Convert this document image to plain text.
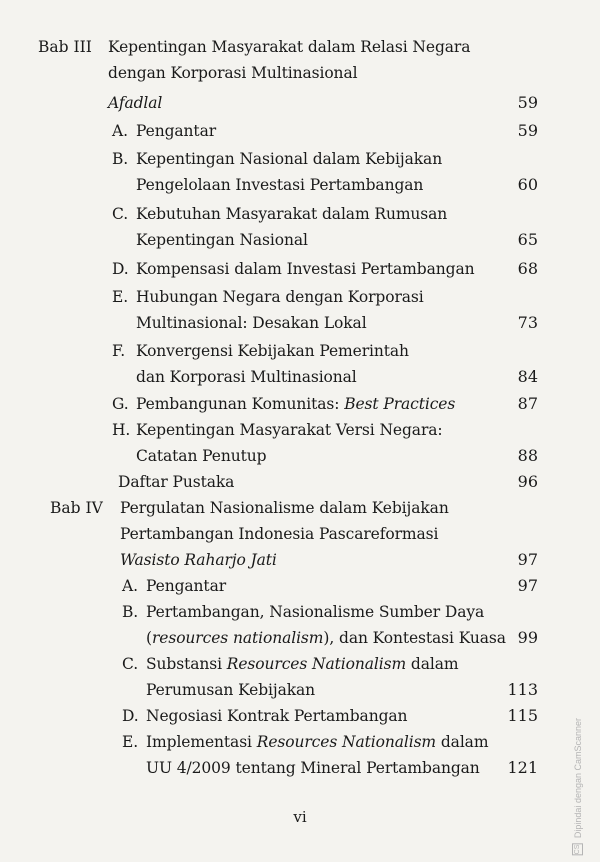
Bab III Kepentingan Masyarakat dalam Relasi Negara
dengan Korporasi Multinasional
Afadlal	59
A. Pengantar	59
B. Kepentingan Nasional dalam Kebijakan
Pengelolaan Investasi Pertambangan	60
C. Kebutuhan Masyarakat dalam Rumusan
Kepentingan Nasional	65
D. Kompensasi dalam Investasi Pertambangan	68
E. Hubungan Negara dengan Korporasi
Multinasional: Desakan Lokal	73
F. Konvergensi Kebijakan Pemerintah
dan Korporasi Multinasional	84
G. Pembangunan Komunitas: Best Practices	87
H. Kepentingan Masyarakat Versi Negara:
Catatan Penutup	88
Daftar Pustaka	96
Bab IV Pergulatan Nasionalisme dalam Kebijakan
Pertambangan Indonesia Pascareformasi
Wasisto Raharjo Jati	97
A. Pengantar	97
B. Pertambangan, Nasionalisme Sumber Daya
(resources nationalism), dan Kontestasi Kuasa 99
C. Substansi Resources Nationalism dalam
Perumusan Kebijakan	113
D. Negosiasi Kontrak Pertambangan	115
E. Implementasi Resources Nationalism dalam
UU 4/2009 tentang Mineral Pertambangan 121
vi
CS Dipindai dengan CamScanner
